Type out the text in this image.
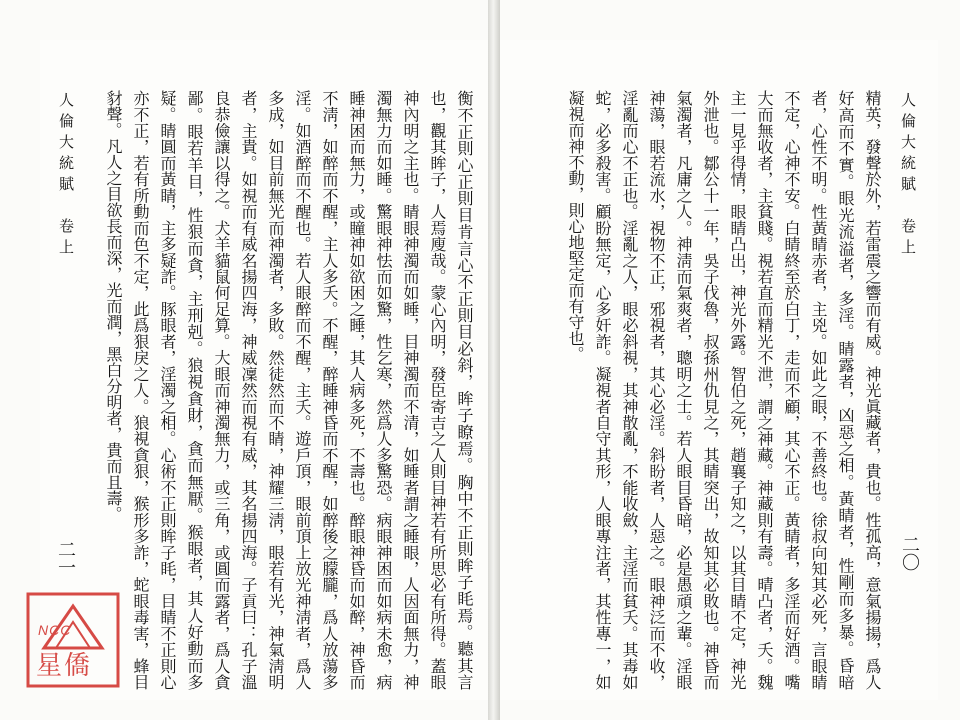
人倫大統賦　卷上	衡不正則心正則目肯言心不正則目必斜，眸子瞭焉。胸中不正則眸子眊焉。聽其言也，觀其眸子，人焉廋哉。蒙心內明，發臣寄吉之人則目神若有所思必有所得。蓋眼神內明之主也。睛眼神濁而如睡，目神濁而不清，如睡者謂之睡眼，人因面無力，神濁無力而如睡。驚眼神怯而如驚，性乞寒，然爲人多驚恐。病眼神困而如病未愈，病睡神困而無力，或瞳神如欲困之睡，其人病多死，不壽也。醉眼神昏而如醉，神昏而不淸，如醉而不醒，主人多夭。不醒，醉睡神昏而不醒，如醉後之朦朧，爲人放蕩多淫。如酒醉而不醒也。若人眼醉而不醒，主夭。遊戶頂，眼前頂上放光神淸者，爲人多成，如目前無光而神濁者，多敗。然徒然而不睛，神耀三淸，眼若有光，神氣淸明者，主貴。如視而有威名揚四海，神威凜然而視有威，其名揚四海。子貢曰：孔子溫良恭儉讓以得之。犬羊貓鼠何足算。大眼而神濁無力，或三角，或圓而露者，爲人貪鄙。眼若羊目，性狠而貪，主刑剋。狼視貪財，貪而無厭。猴眼者，其人好動而多疑。睛圓而黃睛，主多疑詐。豚眼者，淫濁之相。心術不正則眸子眊，目睛不正則心亦不正，若有所動而色不定，此爲狠戾之人。狼視貪狠，猴形多詐，蛇眼毒害，蜂目豺聲。凡人之目欲長而深，光而潤，黑白分明者，貴而且壽。
二一	精英，發聲於外，若雷震之響而有威。神光眞藏者，貴也。性孤高，意氣揚揚，爲人好高而不實。眼光流溢者，多淫。睛露者，凶惡之相。黃睛者，性剛而多暴。昏暗者，心性不明。性黃睛赤者，主兇。如此之眼，不善終也。徐叔向知其必死，言眼睛不定，心神不安。白睛終至於白丁，走而不顧，其心不正。黃睛者，多淫而好酒。嘴大而無收者，主貧賤。視若直而精光不泄，謂之神藏。神藏則有壽。晴凸者，夭。魏主一見乎得情，眼睛凸出，神光外露。智伯之死，趙襄子知之，以其目睛不定，神光外泄也。鄒公十一年，吳子伐魯，叔孫州仇見之，其睛突出，故知其必敗也。神昏而氣濁者，凡庸之人。神淸而氣爽者，聰明之士。若人眼目昏暗，必是愚頑之輩。淫眼神蕩，眼若流水，視物不正，邪視者，其心必淫。斜盼者，人惡之。眼神泛而不收，淫亂而心不正也。淫亂之人，眼必斜視，其神散亂，不能收斂，主淫而貧夭。其毒如蛇，必多殺害。顧盼無定，心多奸詐。凝視者自守其形，人眼專注者，其性專一，如凝視而神不動，則心地堅定而有守也。	人倫大統賦　卷上
二〇
NCC
星僑
